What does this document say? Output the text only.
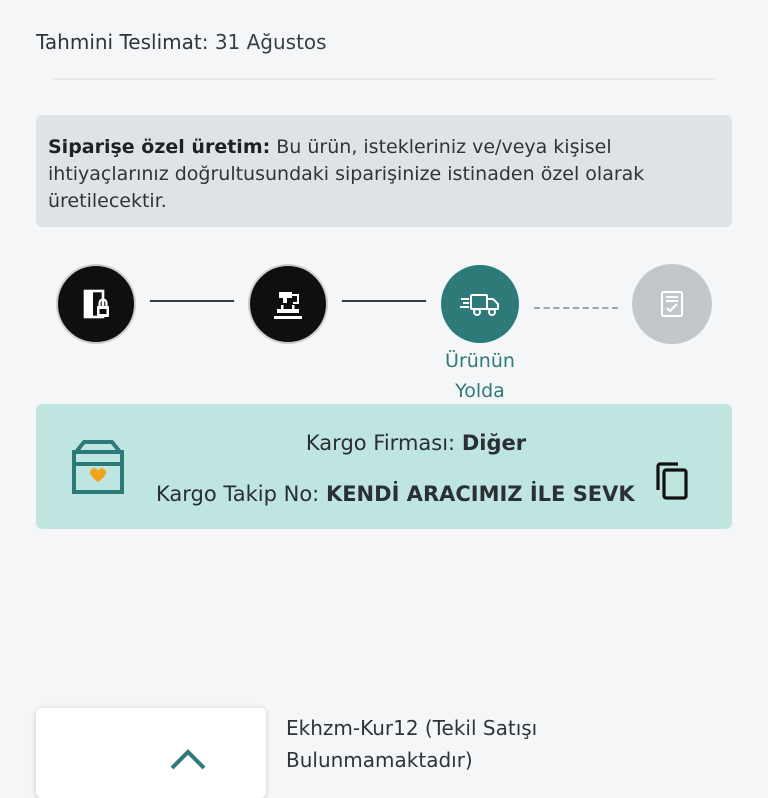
Tahmini Teslimat: 31 Ağustos
Siparişe özel üretim: Bu ürün, istekleriniz ve/veya kişisel ihtiyaçlarınız doğrultusundaki siparişinize istinaden özel olarak üretilecektir.
Ürünün
Yolda
Kargo Firması: Diğer
Kargo Takip No: KENDİ ARACIMIZ İLE SEVK
Ekhzm-Kur12 (Tekil Satışı Bulunmamaktadır)
